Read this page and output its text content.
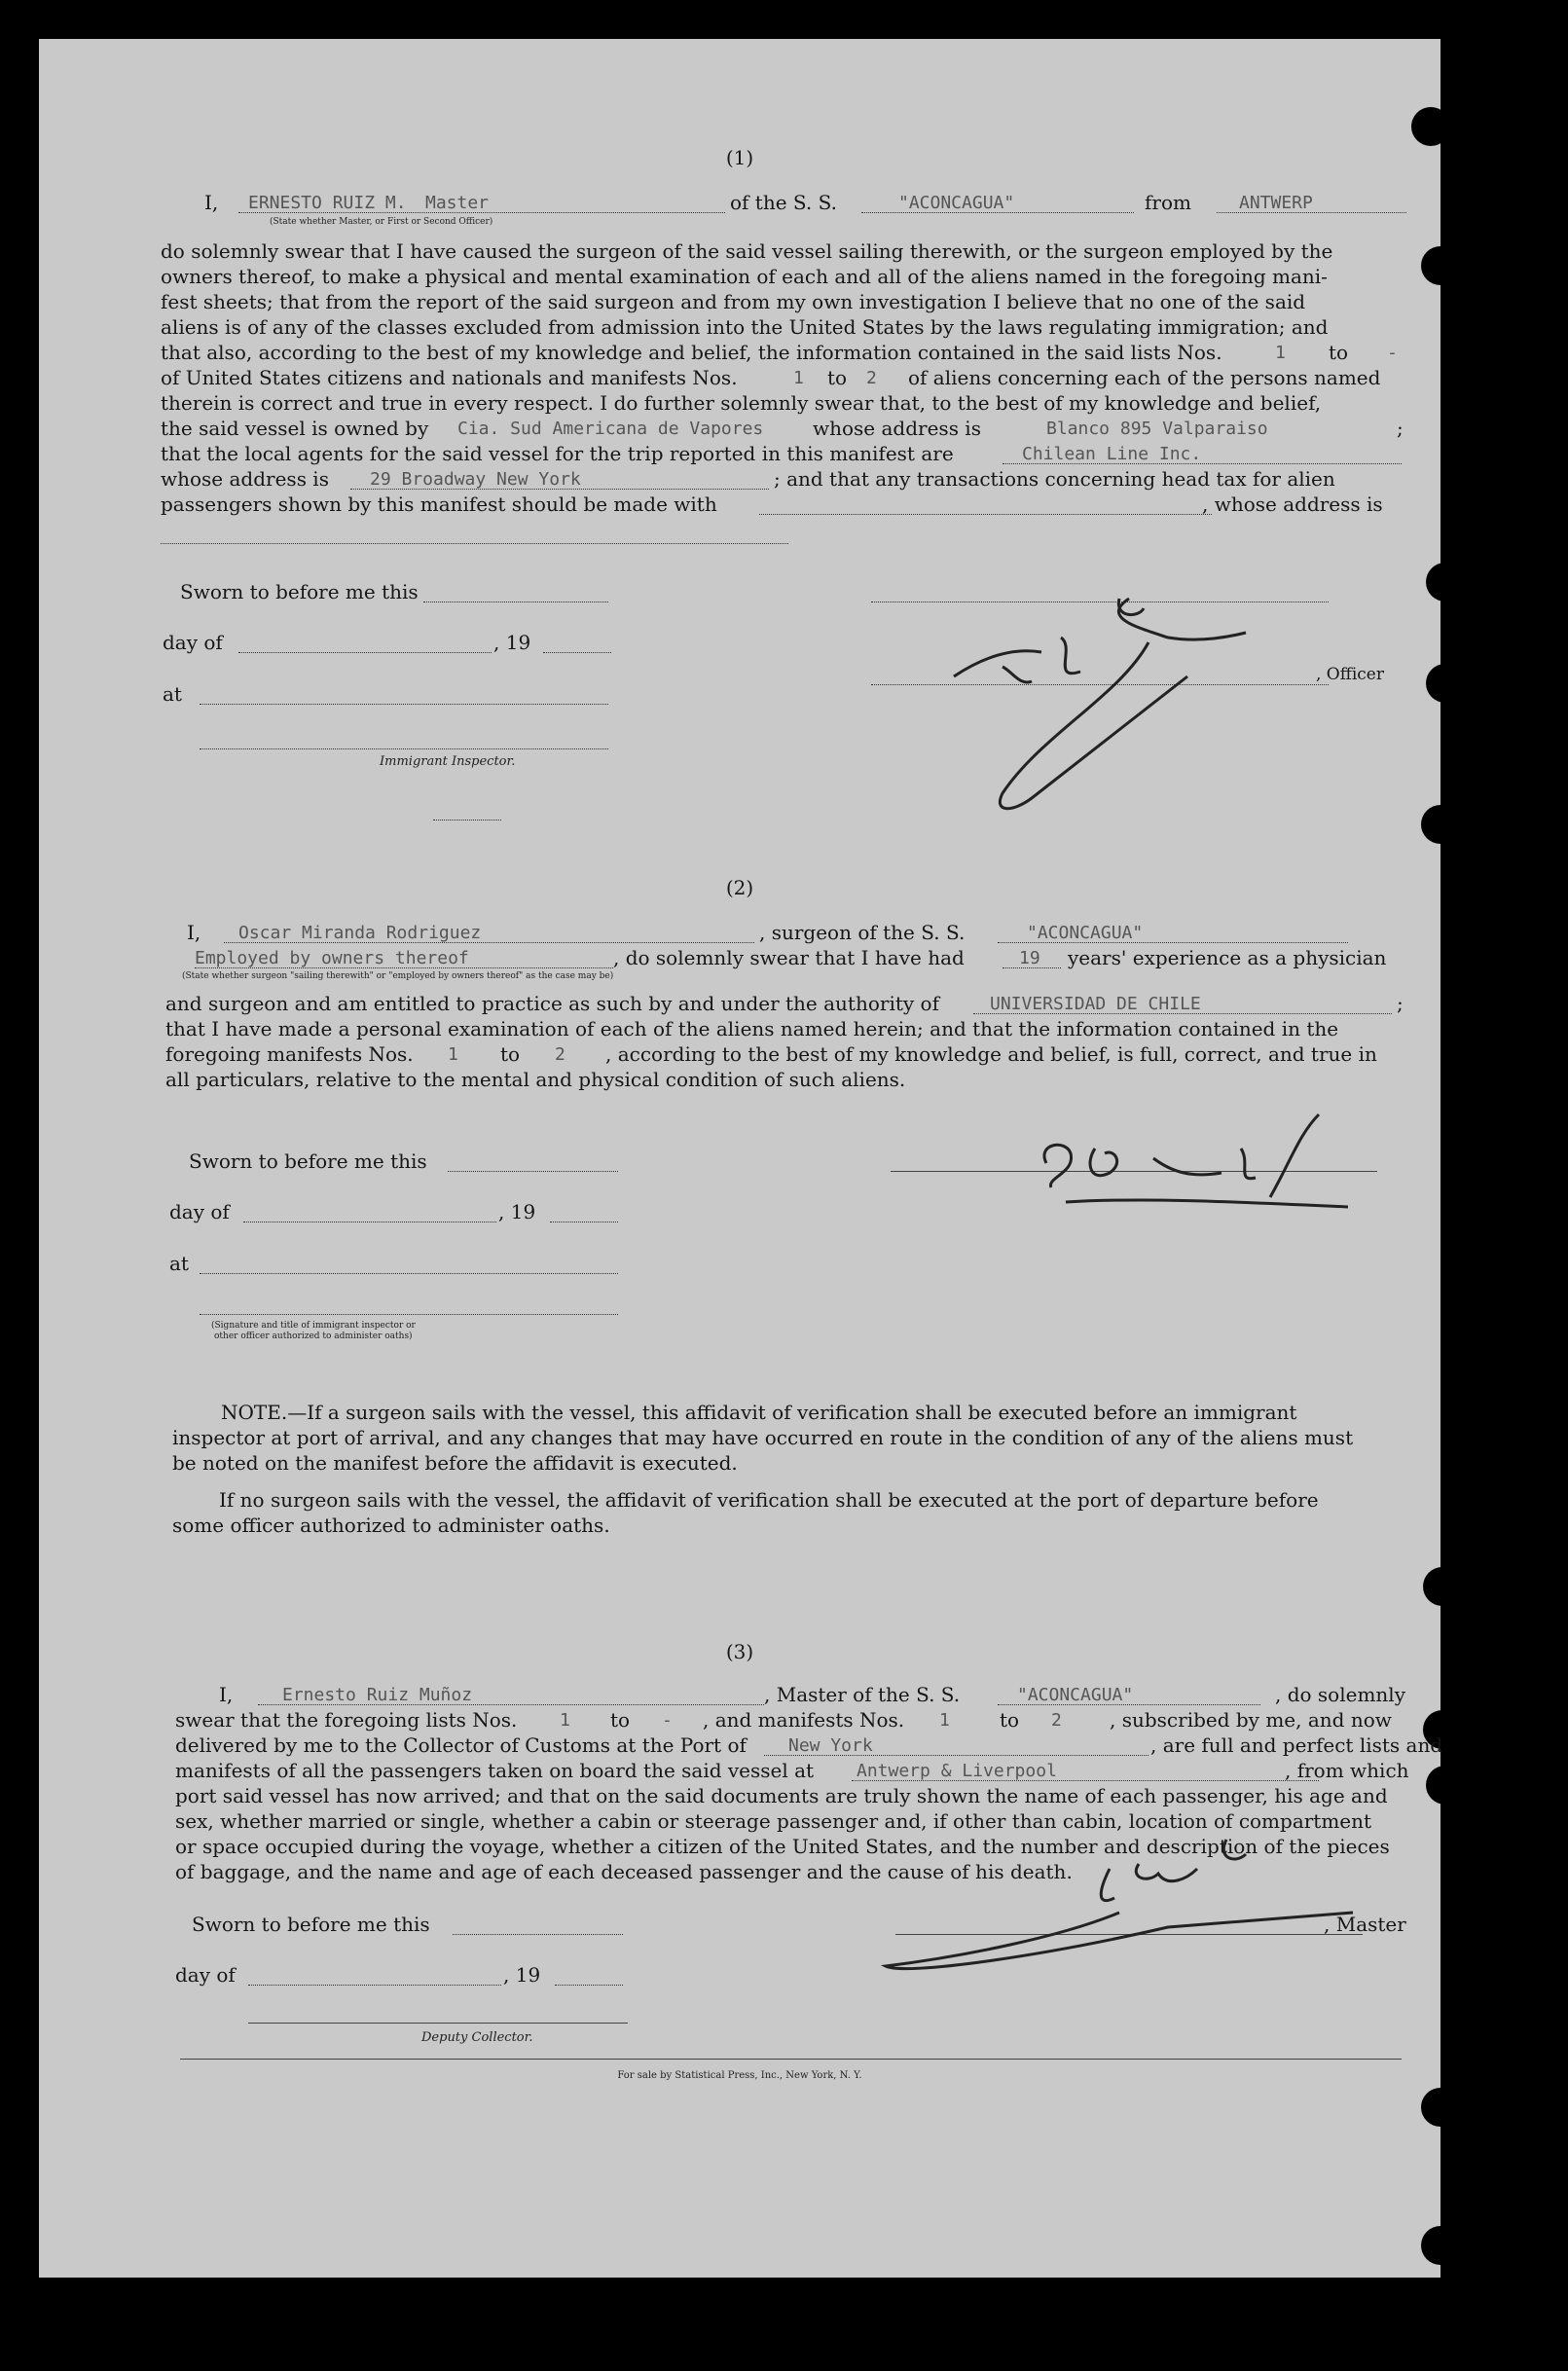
(1)
I, ERNESTO RUIZ M. Master	of the S. S.	"ACONCAGUA"	from	ANTWERP
(State whether Master, or First or Second Officer)
do solemnly swear that I have caused the surgeon of the said vessel sailing therewith, or the surgeon employed by the
owners thereof, to make a physical and mental examination of each and all of the aliens named in the foregoing mani-
fest sheets; that from the report of the said surgeon and from my own investigation I believe that no one of the said
aliens is of any of the classes excluded from admission into the United States by the laws regulating immigration; and
that also, according to the best of my knowledge and belief, the information contained in the said lists Nos.	1 to -
of United States citizens and nationals and manifests Nos.	1 to 2 of aliens concerning each of the persons named
therein is correct and true in every respect. I do further solemnly swear that, to the best of my knowledge and belief,
the said vessel is owned by Cia. Sud Americana de Vapores	whose address is	Blanco 895 Valparaiso	;
that the local agents for the said vessel for the trip reported in this manifest are	Chilean Line Inc.
whose address is 29 Broadway New York	; and that any transactions concerning head tax for alien
passengers shown by this manifest should be made with	, whose address is
Sworn to before me this
day of	, 19
, Officer
at
Immigrant Inspector.
(2)
I, Oscar Miranda Rodriguez	, surgeon of the S. S.	"ACONCAGUA"
Employed by owners thereof	, do solemnly swear that I have had	19 years' experience as a physician
(State whether surgeon "sailing therewith" or "employed by owners thereof" as the case may be)
and surgeon and am entitled to practice as such by and under the authority of	UNIVERSIDAD DE CHILE	;
that I have made a personal examination of each of the aliens named herein; and that the information contained in the
foregoing manifests Nos. 1 to 2 , according to the best of my knowledge and belief, is full, correct, and true in
all particulars, relative to the mental and physical condition of such aliens.
Sworn to before me this
day of	, 19
at
(Signature and title of immigrant inspector or
other officer authorized to administer oaths)
NOTE.—If a surgeon sails with the vessel, this affidavit of verification shall be executed before an immigrant
inspector at port of arrival, and any changes that may have occurred en route in the condition of any of the aliens must
be noted on the manifest before the affidavit is executed.
If no surgeon sails with the vessel, the affidavit of verification shall be executed at the port of departure before
some officer authorized to administer oaths.
(3)
I,	Ernesto Ruiz Muñoz	, Master of the S. S.	"ACONCAGUA"	, do solemnly
swear that the foregoing lists Nos. 1 to - , and manifests Nos. 1	to 2 , subscribed by me, and now
delivered by me to the Collector of Customs at the Port of New York	, are full and perfect lists and
manifests of all the passengers taken on board the said vessel at Antwerp & Liverpool	, from which
port said vessel has now arrived; and that on the said documents are truly shown the name of each passenger, his age and
sex, whether married or single, whether a cabin or steerage passenger and, if other than cabin, location of compartment
or space occupied during the voyage, whether a citizen of the United States, and the number and description of the pieces
of baggage, and the name and age of each deceased passenger and the cause of his death.
Sworn to before me this	, Master
day of	, 19
Deputy Collector.
For sale by Statistical Press, Inc., New York, N. Y.
